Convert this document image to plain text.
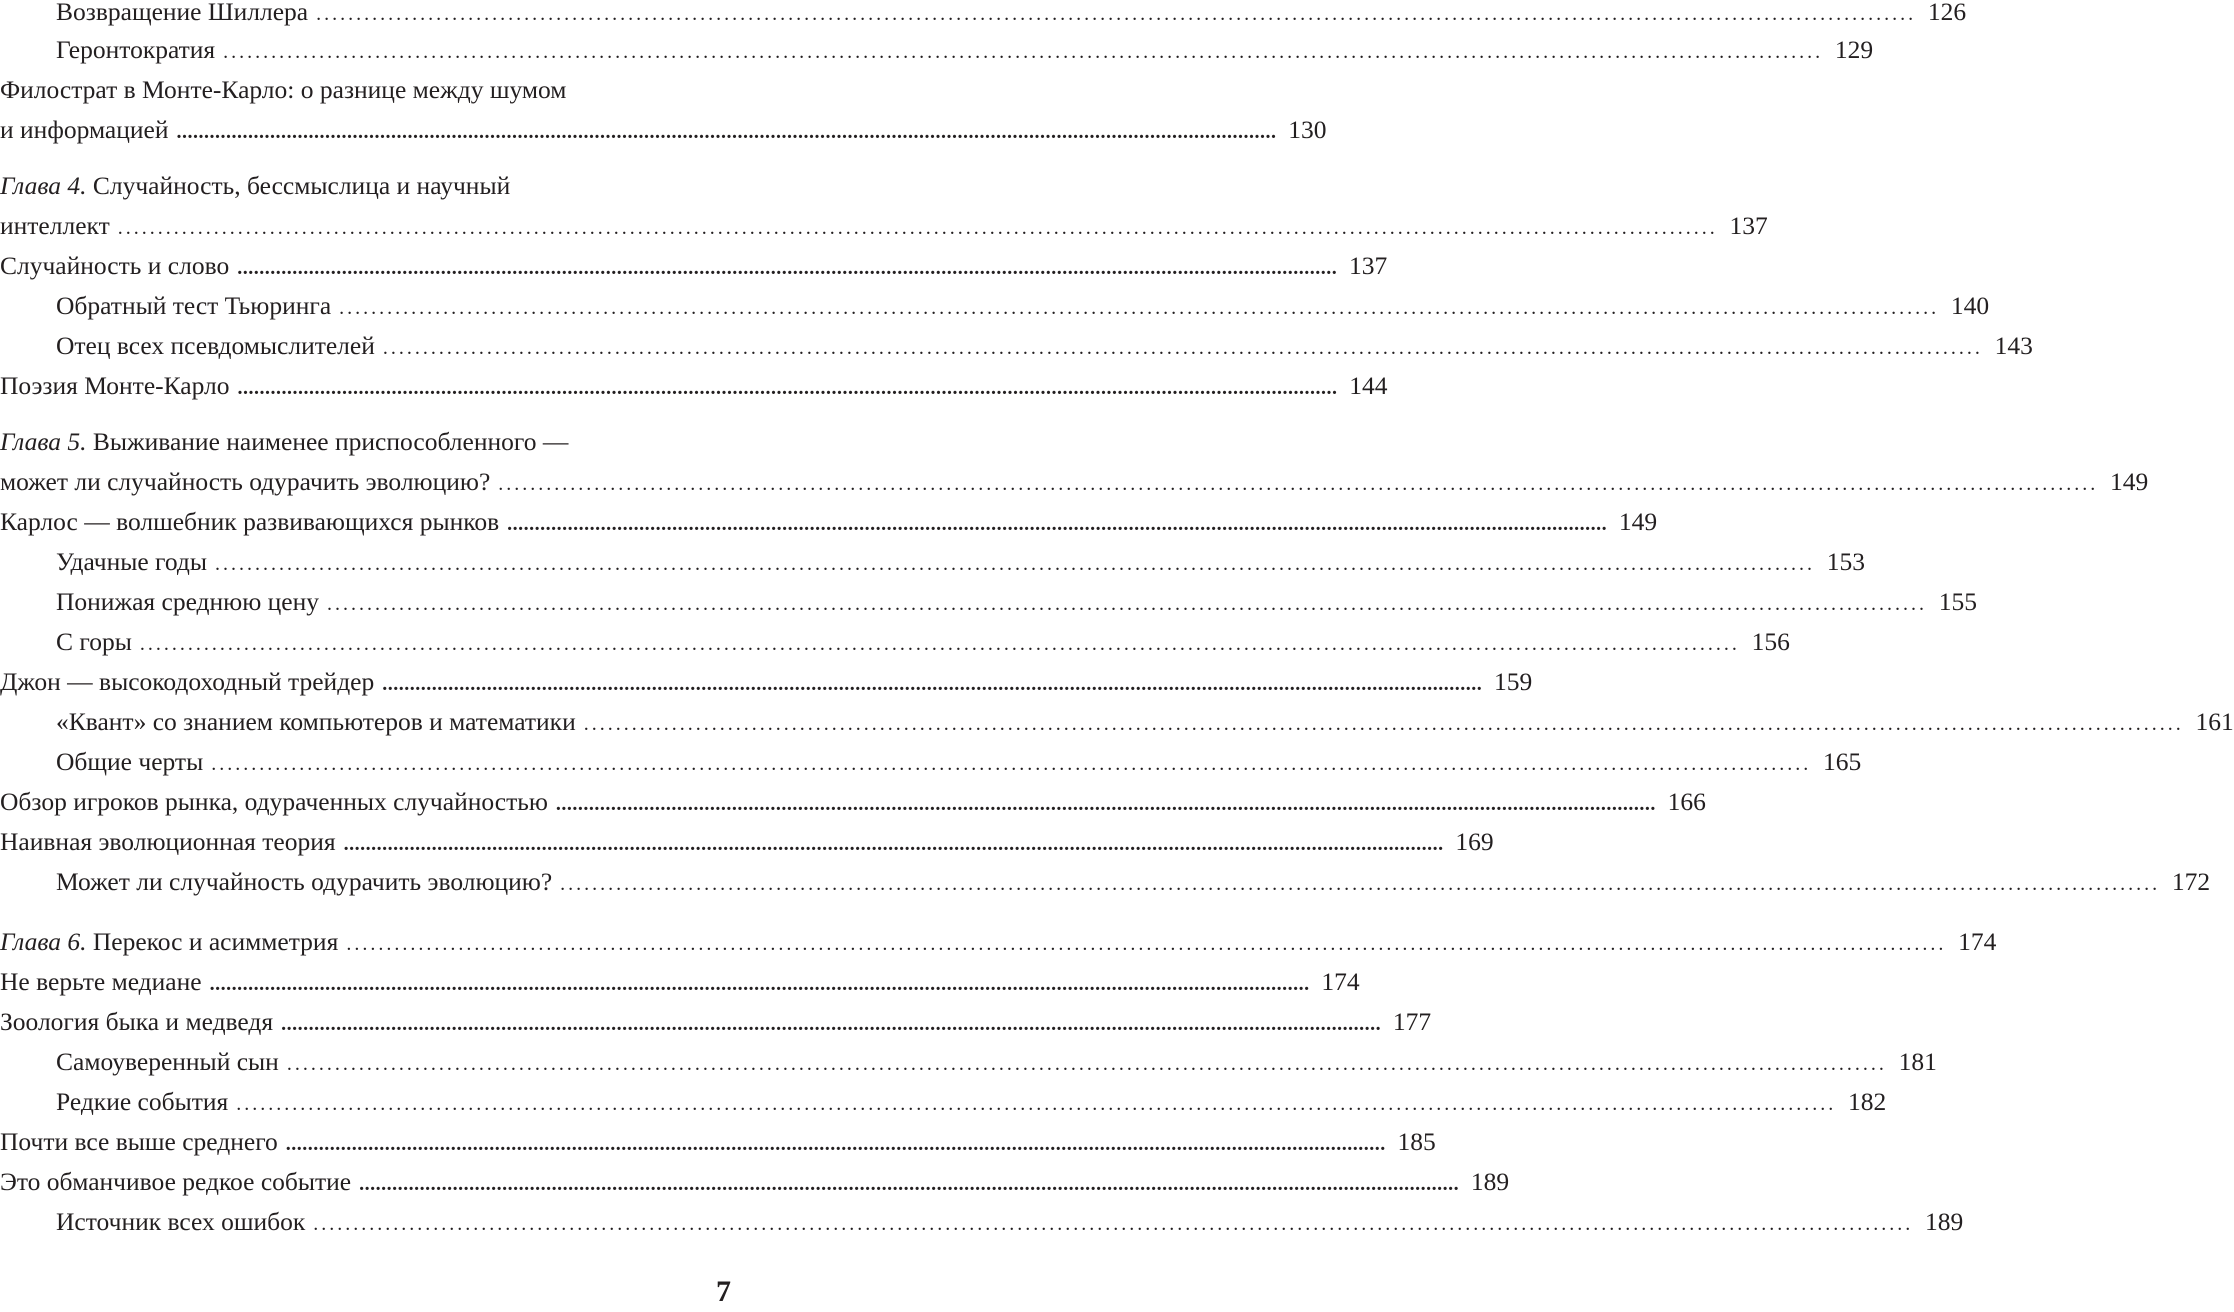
Возвращение Шиллера ........................................................................................................................................................................................................ 126
Геронтократия ........................................................................................................................................................................................................ 129
Филострат в Монте-Карло: о разнице между шумом
и информацией ........................................................................................................................................................................................................ 130
Глава 4. Случайность, бессмыслица и научный
интеллект ........................................................................................................................................................................................................ 137
Случайность и слово ........................................................................................................................................................................................................ 137
Обратный тест Тьюринга ........................................................................................................................................................................................................ 140
Отец всех псевдомыслителей ........................................................................................................................................................................................................ 143
Поэзия Монте-Карло ........................................................................................................................................................................................................ 144
Глава 5. Выживание наименее приспособленного —
может ли случайность одурачить эволюцию? ........................................................................................................................................................................................................ 149
Карлос — волшебник развивающихся рынков ........................................................................................................................................................................................................ 149
Удачные годы ........................................................................................................................................................................................................ 153
Понижая среднюю цену ........................................................................................................................................................................................................ 155
С горы ........................................................................................................................................................................................................ 156
Джон — высокодоходный трейдер ........................................................................................................................................................................................................ 159
«Квант» со знанием компьютеров и математики ........................................................................................................................................................................................................ 161
Общие черты ........................................................................................................................................................................................................ 165
Обзор игроков рынка, одураченных случайностью ........................................................................................................................................................................................................ 166
Наивная эволюционная теория ........................................................................................................................................................................................................ 169
Может ли случайность одурачить эволюцию? ........................................................................................................................................................................................................ 172
Глава 6. Перекос и асимметрия ........................................................................................................................................................................................................ 174
Не верьте медиане ........................................................................................................................................................................................................ 174
Зоология быка и медведя ........................................................................................................................................................................................................ 177
Самоуверенный сын ........................................................................................................................................................................................................ 181
Редкие события ........................................................................................................................................................................................................ 182
Почти все выше среднего ........................................................................................................................................................................................................ 185
Это обманчивое редкое событие ........................................................................................................................................................................................................ 189
Источник всех ошибок ........................................................................................................................................................................................................ 189
7
